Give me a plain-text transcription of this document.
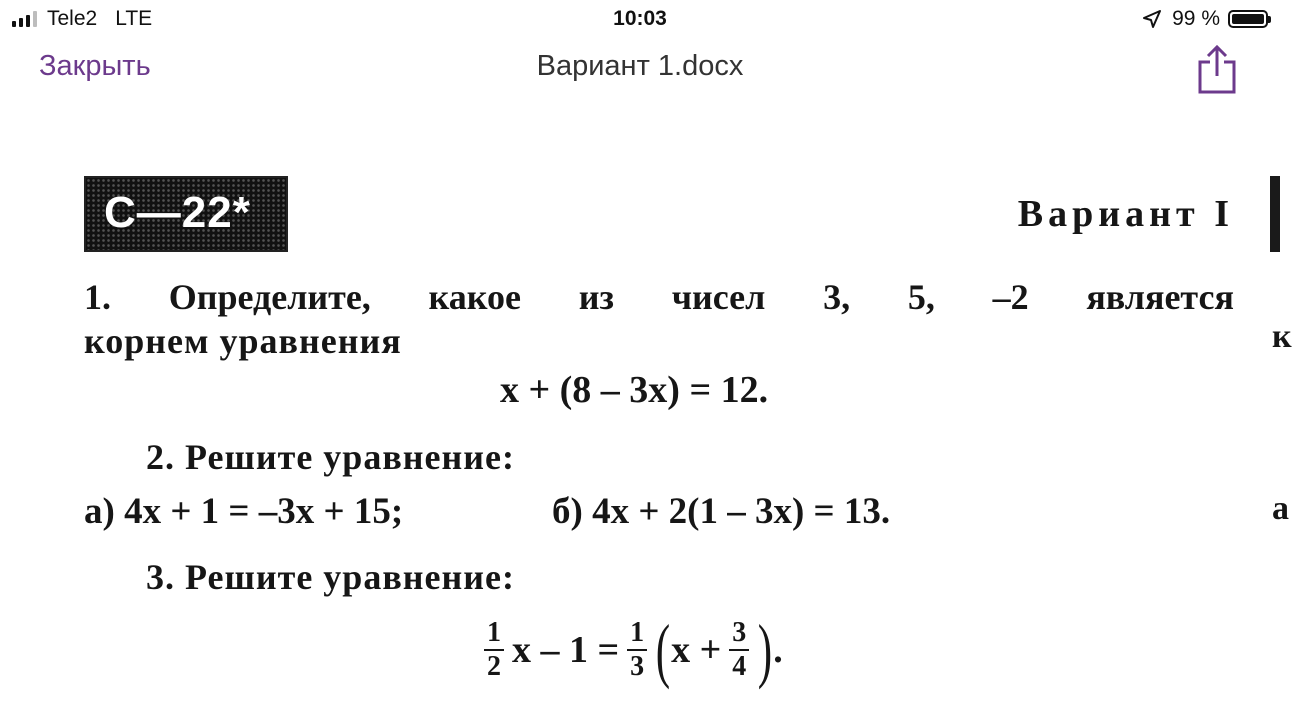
Tele2 LTE	10:03	99 %
Закрыть	Вариант 1.docx
С—22*	Вариант I
к
а
1. Определите, какое из чисел 3, 5, –2 является
корнем уравнения
x + (8 – 3x) = 12.
2. Решите уравнение:
а) 4x + 1 = –3x + 15;	б) 4x + 2(1 – 3x) = 13.
3. Решите уравнение:
$\frac{1}{2}$ $x - 1 = \frac{1}{3}$ ( $x + \frac{3}{4}$ ) .
